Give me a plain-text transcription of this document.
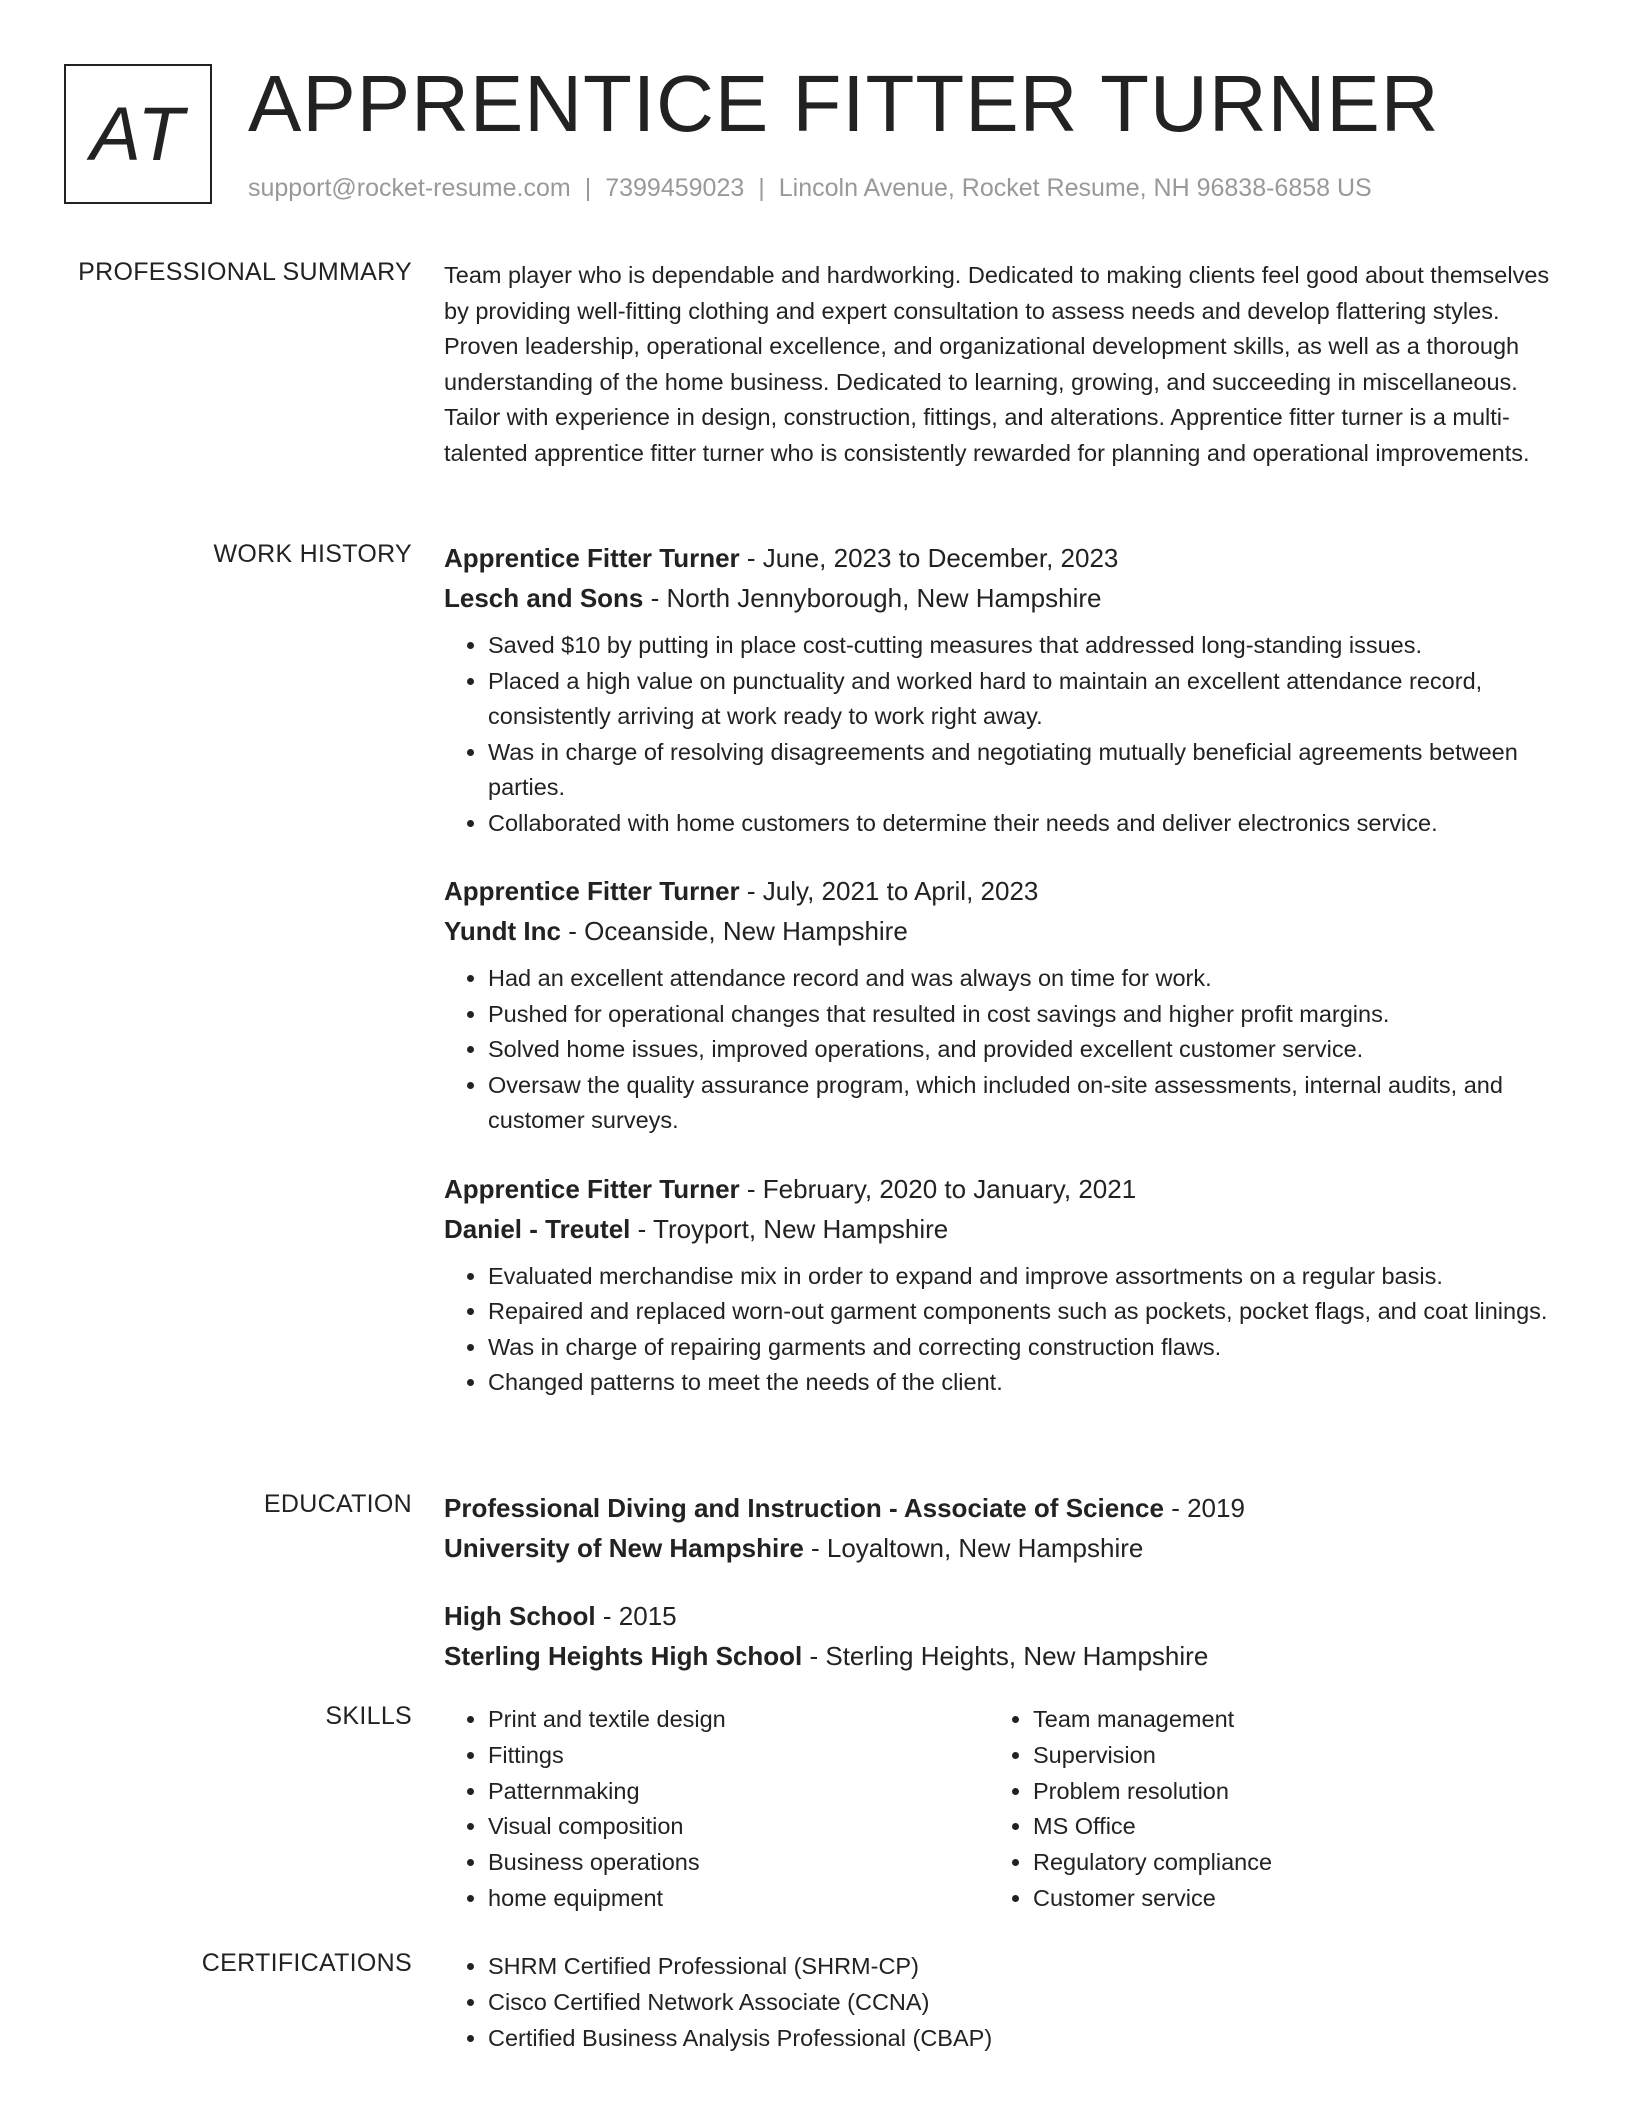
AT APPRENTICE FITTER TURNER
support@rocket-resume.com | 7399459023 | Lincoln Avenue, Rocket Resume, NH 96838-6858 US
PROFESSIONAL SUMMARY Team player who is dependable and hardworking. Dedicated to making clients feel good about themselves by providing well-fitting clothing and expert consultation to assess needs and develop flattering styles. Proven leadership, operational excellence, and organizational development skills, as well as a thorough understanding of the home business. Dedicated to learning, growing, and succeeding in miscellaneous. Tailor with experience in design, construction, fittings, and alterations. Apprentice fitter turner is a multi-talented apprentice fitter turner who is consistently rewarded for planning and operational improvements.

WORK HISTORY Apprentice Fitter Turner - June, 2023 to December, 2023
Lesch and Sons - North Jennyborough, New Hampshire
• Saved $10 by putting in place cost-cutting measures that addressed long-standing issues.
• Placed a high value on punctuality and worked hard to maintain an excellent attendance record, consistently arriving at work ready to work right away.
• Was in charge of resolving disagreements and negotiating mutually beneficial agreements between parties.
• Collaborated with home customers to determine their needs and deliver electronics service.
Apprentice Fitter Turner - July, 2021 to April, 2023
Yundt Inc - Oceanside, New Hampshire
• Had an excellent attendance record and was always on time for work.
• Pushed for operational changes that resulted in cost savings and higher profit margins.
• Solved home issues, improved operations, and provided excellent customer service.
• Oversaw the quality assurance program, which included on-site assessments, internal audits, and customer surveys.
Apprentice Fitter Turner - February, 2020 to January, 2021
Daniel - Treutel - Troyport, New Hampshire
• Evaluated merchandise mix in order to expand and improve assortments on a regular basis.
• Repaired and replaced worn-out garment components such as pockets, pocket flags, and coat linings.
• Was in charge of repairing garments and correcting construction flaws.
• Changed patterns to meet the needs of the client.
EDUCATION Professional Diving and Instruction - Associate of Science - 2019
University of New Hampshire - Loyaltown, New Hampshire
High School - 2015
Sterling Heights High School - Sterling Heights, New Hampshire
SKILLS	• Print and textile design
• Fittings
• Patternmaking
• Visual composition
• Business operations
• home equipment
• Team management
• Supervision
• Problem resolution
• MS Office
• Regulatory compliance
• Customer service
CERTIFICATIONS	• SHRM Certified Professional (SHRM-CP)
• Cisco Certified Network Associate (CCNA)
• Certified Business Analysis Professional (CBAP)
